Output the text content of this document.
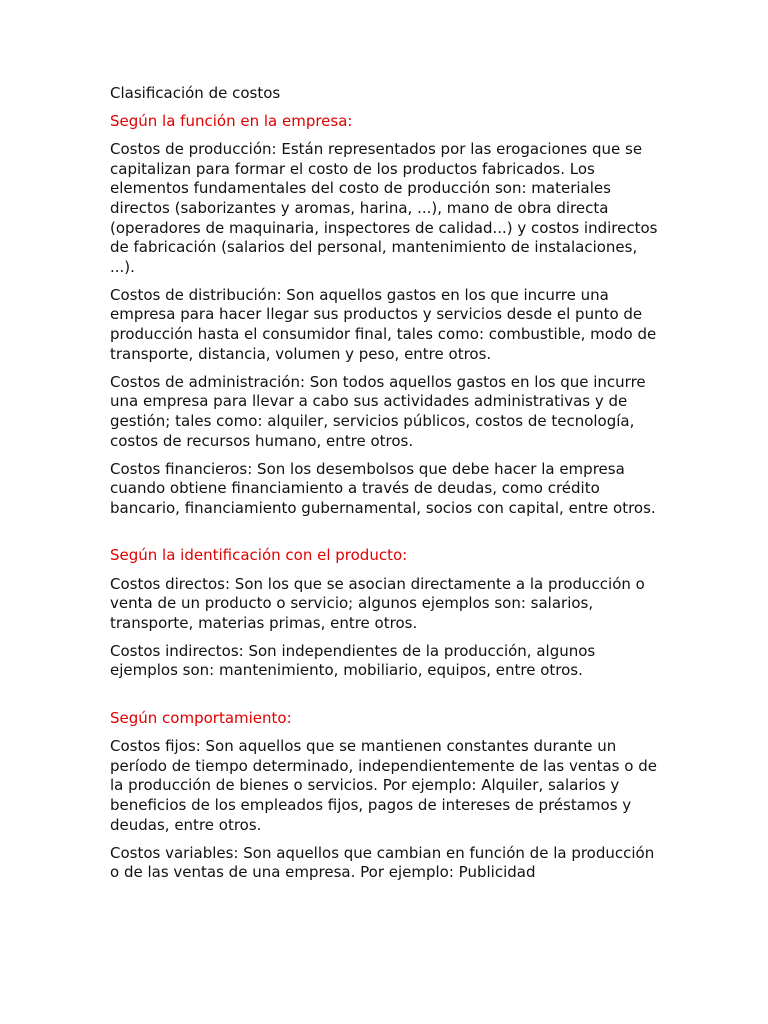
Clasificación de costos

Según la función en la empresa:

Costos de producción: Están representados por las erogaciones que se capitalizan para formar el costo de los productos fabricados. Los elementos fundamentales del costo de producción son: materiales directos (saborizantes y aromas, harina, ...), mano de obra directa (operadores de maquinaria, inspectores de calidad...) y costos indirectos de fabricación (salarios del personal, mantenimiento de instalaciones, ...).

Costos de distribución: Son aquellos gastos en los que incurre una empresa para hacer llegar sus productos y servicios desde el punto de producción hasta el consumidor final, tales como: combustible, modo de transporte, distancia, volumen y peso, entre otros.

Costos de administración: Son todos aquellos gastos en los que incurre una empresa para llevar a cabo sus actividades administrativas y de gestión; tales como: alquiler, servicios públicos, costos de tecnología, costos de recursos humano, entre otros.

Costos financieros: Son los desembolsos que debe hacer la empresa cuando obtiene financiamiento a través de deudas, como crédito bancario, financiamiento gubernamental, socios con capital, entre otros.

Según la identificación con el producto:

Costos directos: Son los que se asocian directamente a la producción o venta de un producto o servicio; algunos ejemplos son: salarios, transporte, materias primas, entre otros.

Costos indirectos: Son independientes de la producción, algunos ejemplos son: mantenimiento, mobiliario, equipos, entre otros.

Según comportamiento:

Costos fijos: Son aquellos que se mantienen constantes durante un período de tiempo determinado, independientemente de las ventas o de la producción de bienes o servicios. Por ejemplo: Alquiler, salarios y beneficios de los empleados fijos, pagos de intereses de préstamos y deudas, entre otros.

Costos variables: Son aquellos que cambian en función de la producción o de las ventas de una empresa. Por ejemplo: Publicidad
